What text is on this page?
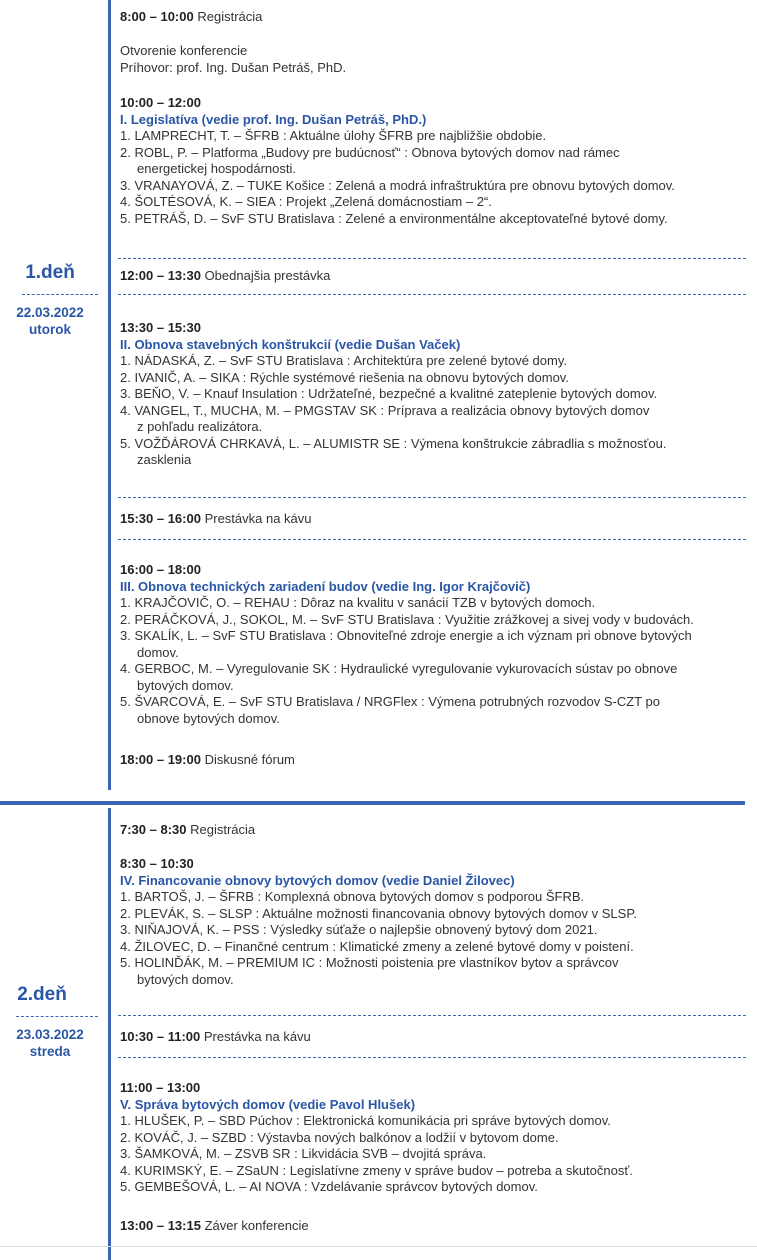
1.deň
22.03.2022
utorok
2.deň
23.03.2022
streda
8:00 – 10:00 Registrácia
Otvorenie konferencie
Príhovor: prof. Ing. Dušan Petráš, PhD.
10:00 – 12:00
I. Legislatíva (vedie prof. Ing. Dušan Petráš, PhD.)
1. LAMPRECHT, T. – ŠFRB : Aktuálne úlohy ŠFRB pre najbližšie obdobie.
2. ROBL, P. – Platforma „Budovy pre budúcnosť“ : Obnova bytových domov nad rámec
energetickej hospodárnosti.
3. VRANAYOVÁ, Z. – TUKE Košice : Zelená a modrá infraštruktúra pre obnovu bytových domov.
4. ŠOLTÉSOVÁ, K. – SIEA : Projekt „Zelená domácnostiam – 2“.
5. PETRÁŠ, D. – SvF STU Bratislava : Zelené a environmentálne akceptovateľné bytové domy.
12:00 – 13:30 Obednajšia prestávka
13:30 – 15:30
II. Obnova stavebných konštrukcií (vedie Dušan Vaček)
1. NÁDASKÁ, Z. – SvF STU Bratislava : Architektúra pre zelené bytové domy.
2. IVANIČ, A. – SIKA : Rýchle systémové riešenia na obnovu bytových domov.
3. BEŇO, V. – Knauf Insulation : Udržateľné, bezpečné a kvalitné zateplenie bytových domov.
4. VANGEL, T., MUCHA, M. – PMGSTAV SK : Príprava a realizácia obnovy bytových domov
z pohľadu realizátora.
5. VOŽĎÁROVÁ CHRKAVÁ, L. – ALUMISTR SE : Výmena konštrukcie zábradlia s možnosťou.
zasklenia
15:30 – 16:00 Prestávka na kávu
16:00 – 18:00
III. Obnova technických zariadení budov (vedie Ing. Igor Krajčovič)
1. KRAJČOVIČ, O. – REHAU : Dôraz na kvalitu v sanácií TZB v bytových domoch.
2. PERÁČKOVÁ, J., SOKOL, M. – SvF STU Bratislava : Využitie zrážkovej a sivej vody v budovách.
3. SKALÍK, L. – SvF STU Bratislava : Obnoviteľné zdroje energie a ich význam pri obnove bytových
domov.
4. GERBOC, M. – Vyregulovanie SK : Hydraulické vyregulovanie vykurovacích sústav po obnove
bytových domov.
5. ŠVARCOVÁ, E. – SvF STU Bratislava / NRGFlex : Výmena potrubných rozvodov S-CZT po
obnove bytových domov.
18:00 – 19:00 Diskusné fórum
7:30 – 8:30 Registrácia
8:30 – 10:30
IV. Financovanie obnovy bytových domov (vedie Daniel Žilovec)
1. BARTOŠ, J. – ŠFRB : Komplexná obnova bytových domov s podporou ŠFRB.
2. PLEVÁK, S. – SLSP : Aktuálne možnosti financovania obnovy bytových domov v SLSP.
3. NIŇAJOVÁ, K. – PSS : Výsledky súťaže o najlepšie obnovený bytový dom 2021.
4. ŽILOVEC, D. – Finančné centrum : Klimatické zmeny a zelené bytové domy v poistení.
5. HOLINĎÁK, M. – PREMIUM IC : Možnosti poistenia pre vlastníkov bytov a správcov
bytových domov.
10:30 – 11:00 Prestávka na kávu
11:00 – 13:00
V. Správa bytových domov (vedie Pavol Hlušek)
1. HLUŠEK, P. – SBD Púchov : Elektronická komunikácia pri správe bytových domov.
2. KOVÁČ, J. – SZBD : Výstavba nových balkónov a lodžií v bytovom dome.
3. ŠAMKOVÁ, M. – ZSVB SR : Likvidácia SVB – dvojitá správa.
4. KURIMSKÝ, E. – ZSaUN : Legislatívne zmeny v správe budov – potreba a skutočnosť.
5. GEMBEŠOVÁ, L. – AI NOVA : Vzdelávanie správcov bytových domov.
13:00 – 13:15 Záver konferencie
